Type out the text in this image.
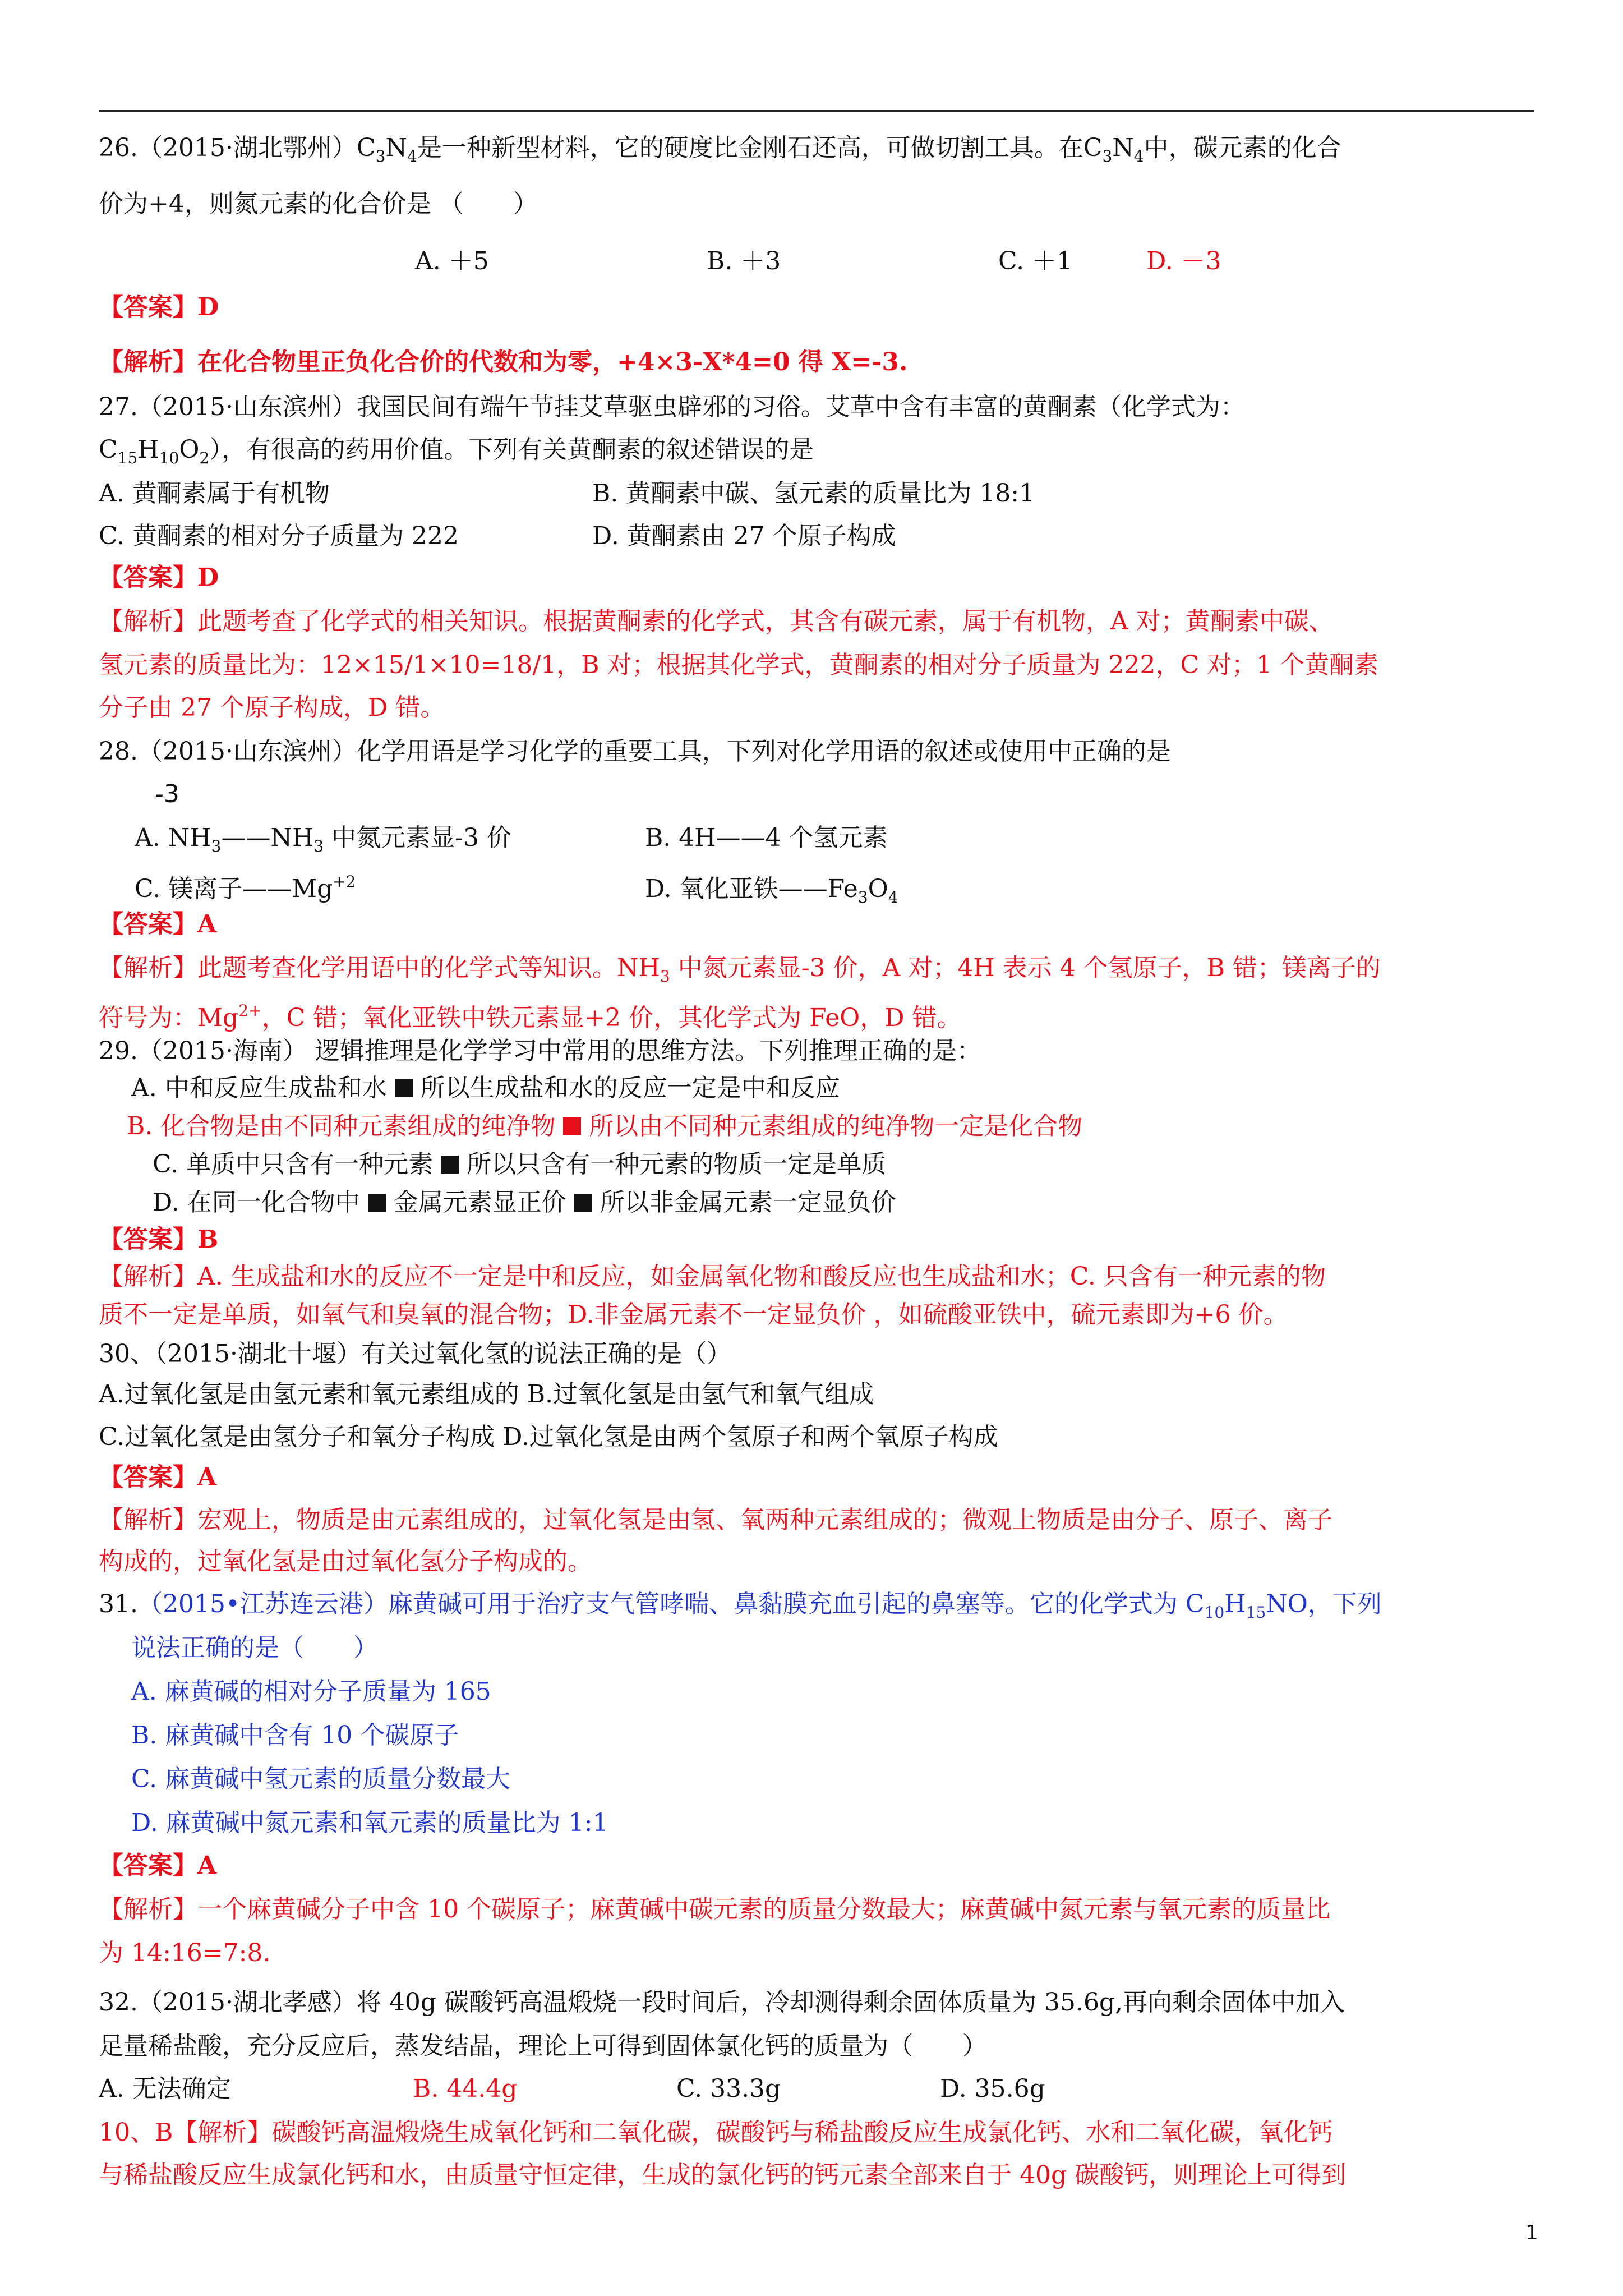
26.（2015·湖北鄂州）$C_3N_4$是一种新型材料，它的硬度比金刚石还高，可做切割工具。在$C_3N_4$中，碳元素的化合
价为+4，则氮元素的化合价是 （　　）
A. ＋5	B. ＋3	C. ＋1	D. －3
【答案】D
【解析】在化合物里正负化合价的代数和为零，+4×3-X*4=0 得 X=-3.
27.（2015·山东滨州）我国民间有端午节挂艾草驱虫辟邪的习俗。艾草中含有丰富的黄酮素（化学式为：
$C_{15}H_{10}O_2$），有很高的药用价值。下列有关黄酮素的叙述错误的是
A. 黄酮素属于有机物	B. 黄酮素中碳、氢元素的质量比为 18:1
C. 黄酮素的相对分子质量为 222	D. 黄酮素由 27 个原子构成
【答案】D
【解析】此题考查了化学式的相关知识。根据黄酮素的化学式，其含有碳元素，属于有机物，A 对；黄酮素中碳、
氢元素的质量比为：12×15/1×10=18/1，B 对；根据其化学式，黄酮素的相对分子质量为 222，C 对；1 个黄酮素
分子由 27 个原子构成，D 错。
28.（2015·山东滨州）化学用语是学习化学的重要工具，下列对化学用语的叙述或使用中正确的是
-3
A. $NH_3——NH_3$ 中氮元素显-3 价	B. 4H——4 个氢元素
C. 镁离子$——Mg^{+2}$	D. 氧化亚铁$——Fe_3O_4$
【答案】A
【解析】此题考查化学用语中的化学式等知识。$NH_3$ 中氮元素显-3 价，A 对；4H 表示 4 个氢原子，B 错；镁离子的
符号为：$Mg^{2+}$，C 错；氧化亚铁中铁元素显+2 价，其化学式为 FeO，D 错。
29.（2015·海南） 逻辑推理是化学学习中常用的思维方法。下列推理正确的是：
A. 中和反应生成盐和水 所以生成盐和水的反应一定是中和反应
B. 化合物是由不同种元素组成的纯净物 所以由不同种元素组成的纯净物一定是化合物
C. 单质中只含有一种元素 所以只含有一种元素的物质一定是单质
D. 在同一化合物中 金属元素显正价 所以非金属元素一定显负价
【答案】B
【解析】A. 生成盐和水的反应不一定是中和反应，如金属氧化物和酸反应也生成盐和水；C. 只含有一种元素的物
质不一定是单质，如氧气和臭氧的混合物；D.非金属元素不一定显负价 ，如硫酸亚铁中，硫元素即为+6 价。
30、（2015·湖北十堰）有关过氧化氢的说法正确的是（）
A.过氧化氢是由氢元素和氧元素组成的 B.过氧化氢是由氢气和氧气组成
C.过氧化氢是由氢分子和氧分子构成 D.过氧化氢是由两个氢原子和两个氧原子构成
【答案】A
【解析】宏观上，物质是由元素组成的，过氧化氢是由氢、氧两种元素组成的；微观上物质是由分子、原子、离子
构成的，过氧化氢是由过氧化氢分子构成的。
31.（2015•江苏连云港）麻黄碱可用于治疗支气管哮喘、鼻黏膜充血引起的鼻塞等。它的化学式为 $C_{10}H_{15}NO$，下列
说法正确的是（　　）
A. 麻黄碱的相对分子质量为 165
B. 麻黄碱中含有 10 个碳原子
C. 麻黄碱中氢元素的质量分数最大
D. 麻黄碱中氮元素和氧元素的质量比为 1:1
【答案】A
【解析】一个麻黄碱分子中含 10 个碳原子；麻黄碱中碳元素的质量分数最大；麻黄碱中氮元素与氧元素的质量比
为 14:16=7:8.
32.（2015·湖北孝感）将 40g 碳酸钙高温煅烧一段时间后，冷却测得剩余固体质量为 35.6g,再向剩余固体中加入
足量稀盐酸，充分反应后，蒸发结晶，理论上可得到固体氯化钙的质量为（　　）
A. 无法确定	B. 44.4g	C. 33.3g	D. 35.6g
10、B【解析】碳酸钙高温煅烧生成氧化钙和二氧化碳，碳酸钙与稀盐酸反应生成氯化钙、水和二氧化碳，氧化钙
与稀盐酸反应生成氯化钙和水，由质量守恒定律，生成的氯化钙的钙元素全部来自于 40g 碳酸钙，则理论上可得到
1
